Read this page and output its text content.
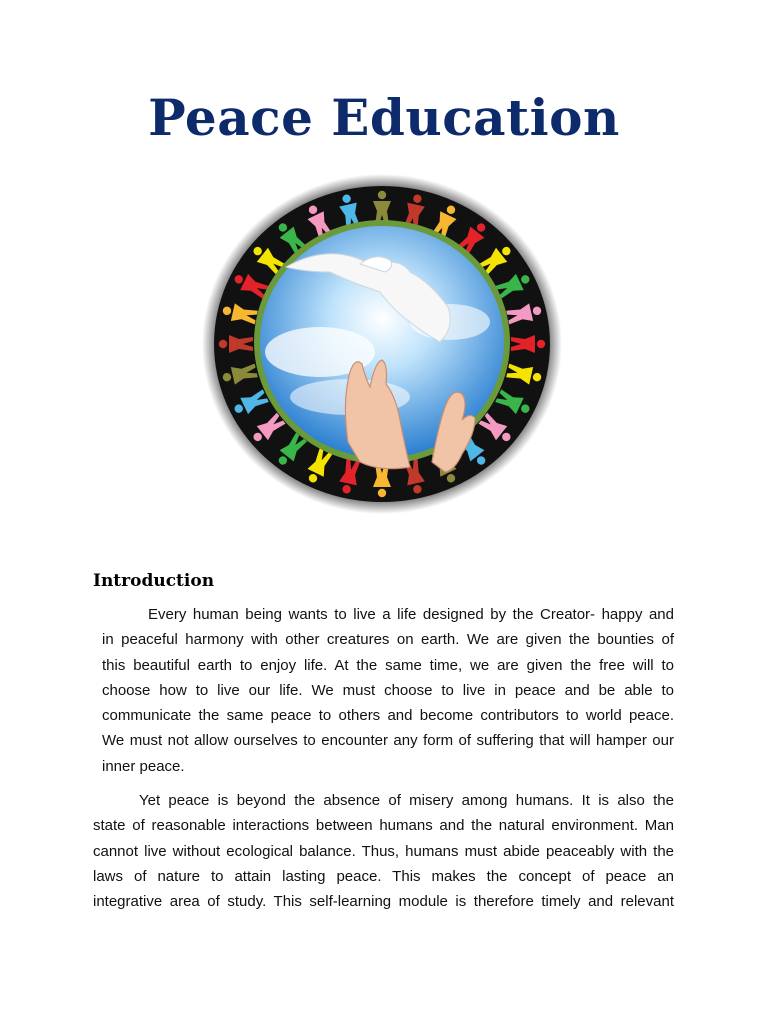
Peace Education
Introduction
Every human being wants to live a life designed by the Creator- happy and
in peaceful harmony with other creatures on earth. We are given the bounties of
this beautiful earth to enjoy life. At the same time, we are given the free will to
choose how to live our life. We must choose to live in peace and be able to
communicate the same peace to others and become contributors to world peace.
We must not allow ourselves to encounter any form of suffering that will hamper our
inner peace.
Yet peace is beyond the absence of misery among humans. It is also the
state of reasonable interactions between humans and the natural environment. Man
cannot live without ecological balance. Thus, humans must abide peaceably with the
laws of nature to attain lasting peace. This makes the concept of peace an
integrative area of study. This self-learning module is therefore timely and relevant
